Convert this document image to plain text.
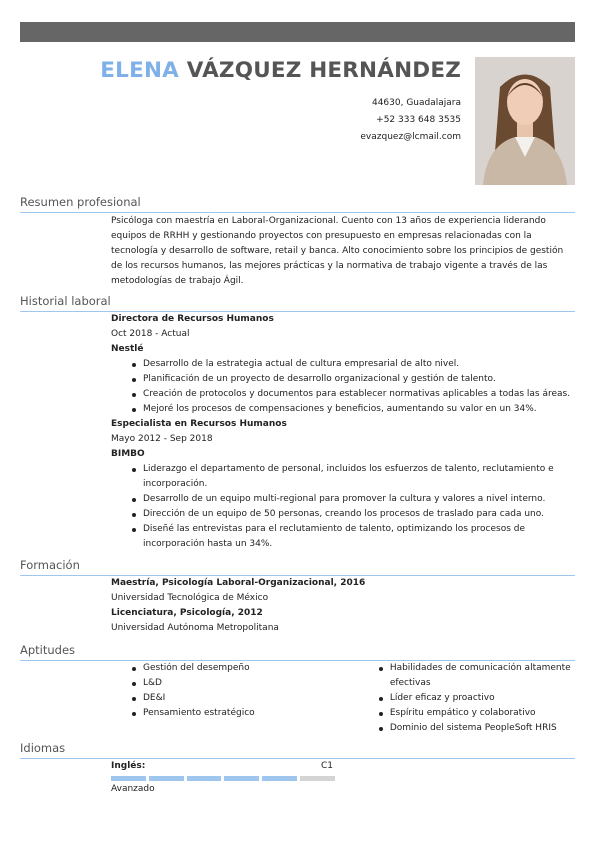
ELENA VÁZQUEZ HERNÁNDEZ
44630, Guadalajara
+52 333 648 3535
evazquez@lcmail.com
Resumen profesional
Psicóloga con maestría en Laboral-Organizacional. Cuento con 13 años de experiencia liderando equipos de RRHH y gestionando proyectos con presupuesto en empresas relacionadas con la tecnología y desarrollo de software, retail y banca. Alto conocimiento sobre los principios de gestión de los recursos humanos, las mejores prácticas y la normativa de trabajo vigente a través de las metodologías de trabajo Ágil.
Historial laboral
Directora de Recursos Humanos
Oct 2018 - Actual
Nestlé
Desarrollo de la estrategia actual de cultura empresarial de alto nivel.
Planificación de un proyecto de desarrollo organizacional y gestión de talento.
Creación de protocolos y documentos para establecer normativas aplicables a todas las áreas.
Mejoré los procesos de compensaciones y beneficios, aumentando su valor en un 34%.
Especialista en Recursos Humanos
Mayo 2012 - Sep 2018
BIMBO
Liderazgo el departamento de personal, incluidos los esfuerzos de talento, reclutamiento e incorporación.
Desarrollo de un equipo multi-regional para promover la cultura y valores a nivel interno.
Dirección de un equipo de 50 personas, creando los procesos de traslado para cada uno.
Diseñé las entrevistas para el reclutamiento de talento, optimizando los procesos de incorporación hasta un 34%.
Formación
Maestría, Psicología Laboral-Organizacional, 2016
Universidad Tecnológica de México
Licenciatura, Psicología, 2012
Universidad Autónoma Metropolitana
Aptitudes
Gestión del desempeño
L&D
DE&I
Pensamiento estratégico
Habilidades de comunicación altamente efectivas
Líder eficaz y proactivo
Espíritu empático y colaborativo
Dominio del sistema PeopleSoft HRIS
Idiomas
Inglés:	C1
Avanzado
